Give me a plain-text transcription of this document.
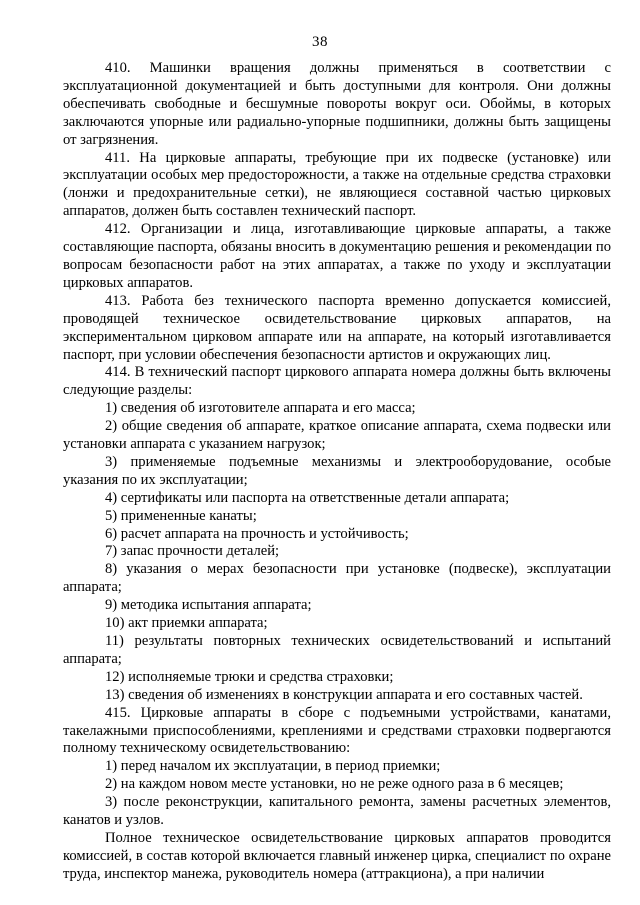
38

410. Машинки вращения должны применяться в соответствии с эксплуатационной документацией и быть доступными для контроля. Они должны обеспечивать свободные и бесшумные повороты вокруг оси. Обоймы, в которых заключаются упорные или радиально-упорные подшипники, должны быть защищены от загрязнения.

411. На цирковые аппараты, требующие при их подвеске (установке) или эксплуатации особых мер предосторожности, а также на отдельные средства страховки (лонжи и предохранительные сетки), не являющиеся составной частью цирковых аппаратов, должен быть составлен технический паспорт.

412. Организации и лица, изготавливающие цирковые аппараты, а также составляющие паспорта, обязаны вносить в документацию решения и рекомендации по вопросам безопасности работ на этих аппаратах, а также по уходу и эксплуатации цирковых аппаратов.

413. Работа без технического паспорта временно допускается комиссией, проводящей техническое освидетельствование цирковых аппаратов, на экспериментальном цирковом аппарате или на аппарате, на который изготавливается паспорт, при условии обеспечения безопасности артистов и окружающих лиц.

414. В технический паспорт циркового аппарата номера должны быть включены следующие разделы:

1) сведения об изготовителе аппарата и его масса;

2) общие сведения об аппарате, краткое описание аппарата, схема подвески или установки аппарата с указанием нагрузок;

3) применяемые подъемные механизмы и электрооборудование, особые указания по их эксплуатации;

4) сертификаты или паспорта на ответственные детали аппарата;

5) примененные канаты;

6) расчет аппарата на прочность и устойчивость;

7) запас прочности деталей;

8) указания о мерах безопасности при установке (подвеске), эксплуатации аппарата;

9) методика испытания аппарата;

10) акт приемки аппарата;

11) результаты повторных технических освидетельствований и испытаний аппарата;

12) исполняемые трюки и средства страховки;

13) сведения об изменениях в конструкции аппарата и его составных частей.

415. Цирковые аппараты в сборе с подъемными устройствами, канатами, такелажными приспособлениями, креплениями и средствами страховки подвергаются полному техническому освидетельствованию:

1) перед началом их эксплуатации, в период приемки;

2) на каждом новом месте установки, но не реже одного раза в 6 месяцев;

3) после реконструкции, капитального ремонта, замены расчетных элементов, канатов и узлов.

Полное техническое освидетельствование цирковых аппаратов проводится комиссией, в состав которой включается главный инженер цирка, специалист по охране труда, инспектор манежа, руководитель номера (аттракциона), а при наличии
